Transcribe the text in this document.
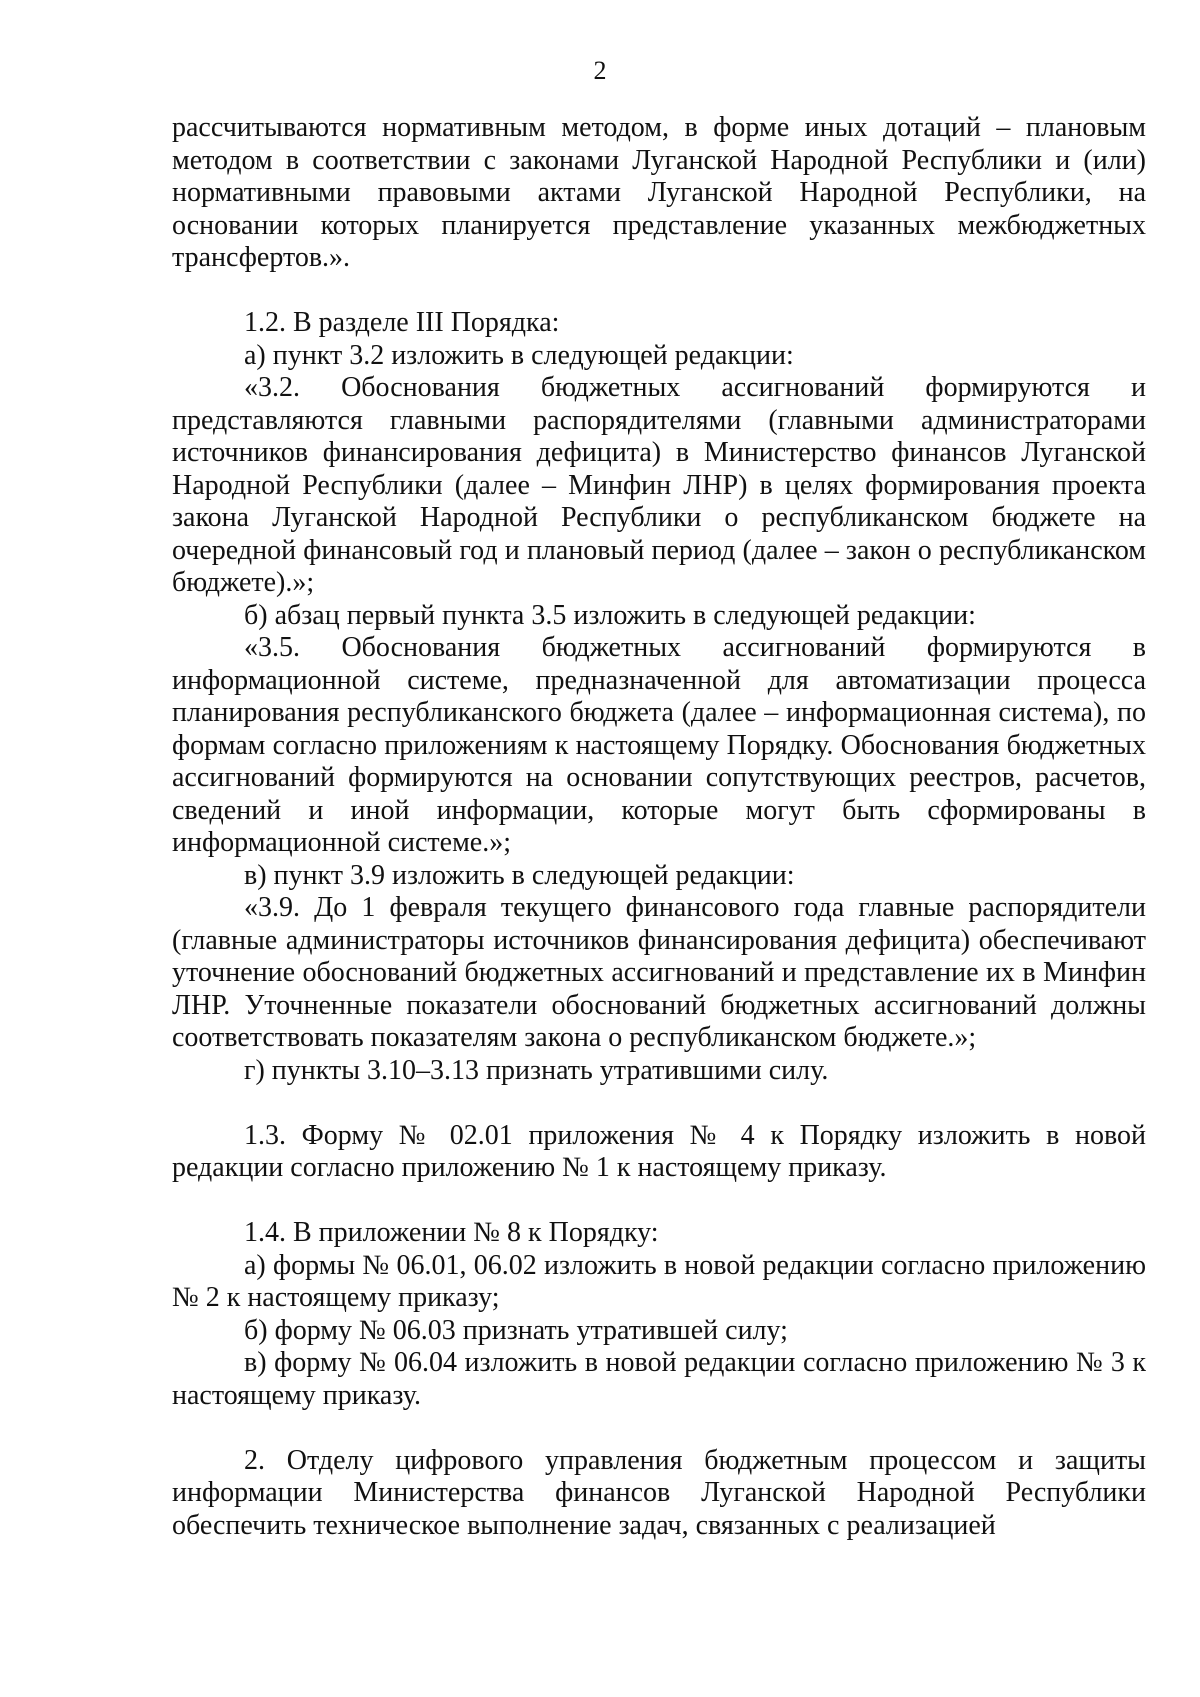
2

рассчитываются нормативным методом, в форме иных дотаций – плановым методом в соответствии с законами Луганской Народной Республики и (или) нормативными правовыми актами Луганской Народной Республики, на основании которых планируется представление указанных межбюджетных трансфертов.».

1.2. В разделе III Порядка:

а) пункт 3.2 изложить в следующей редакции:

«3.2. Обоснования бюджетных ассигнований формируются и представляются главными распорядителями (главными администраторами источников финансирования дефицита) в Министерство финансов Луганской Народной Республики (далее – Минфин ЛНР) в целях формирования проекта закона Луганской Народной Республики о республиканском бюджете на очередной финансовый год и плановый период (далее – закон о республиканском бюджете).»;

б) абзац первый пункта 3.5 изложить в следующей редакции:

«3.5. Обоснования бюджетных ассигнований формируются в информационной системе, предназначенной для автоматизации процесса планирования республиканского бюджета (далее – информационная система), по формам согласно приложениям к настоящему Порядку. Обоснования бюджетных ассигнований формируются на основании сопутствующих реестров, расчетов, сведений и иной информации, которые могут быть сформированы в информационной системе.»;

в) пункт 3.9 изложить в следующей редакции:

«3.9. До 1 февраля текущего финансового года главные распорядители (главные администраторы источников финансирования дефицита) обеспечивают уточнение обоснований бюджетных ассигнований и представление их в Минфин ЛНР. Уточненные показатели обоснований бюджетных ассигнований должны соответствовать показателям закона о республиканском бюджете.»;

г) пункты 3.10–3.13 признать утратившими силу.

1.3. Форму № 02.01 приложения № 4 к Порядку изложить в новой редакции согласно приложению № 1 к настоящему приказу.

1.4. В приложении № 8 к Порядку:

а) формы № 06.01, 06.02 изложить в новой редакции согласно приложению № 2 к настоящему приказу;

б) форму № 06.03 признать утратившей силу;

в) форму № 06.04 изложить в новой редакции согласно приложению № 3 к настоящему приказу.

2. Отделу цифрового управления бюджетным процессом и защиты информации Министерства финансов Луганской Народной Республики обеспечить техническое выполнение задач, связанных с реализацией
